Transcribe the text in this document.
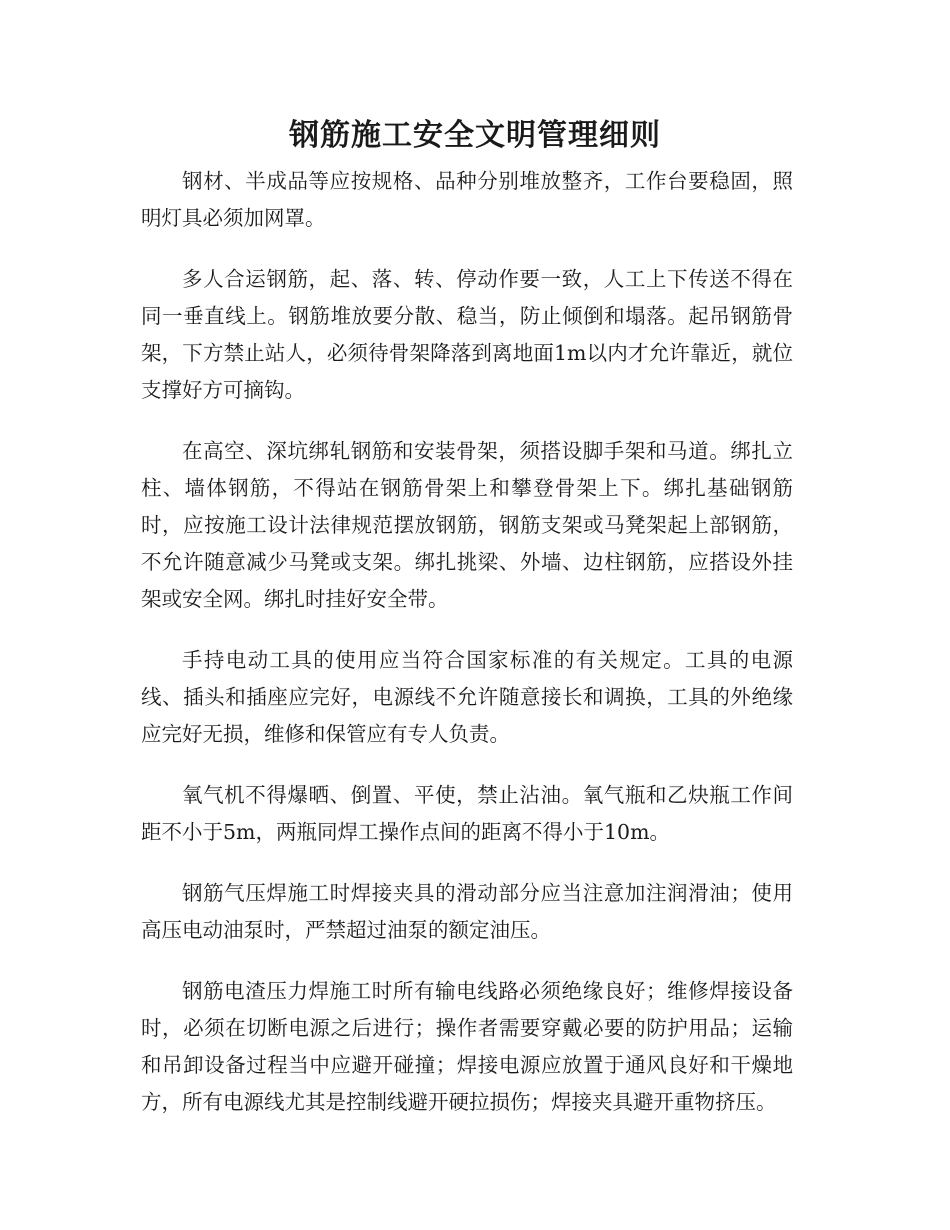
钢筋施工安全文明管理细则

钢材、半成品等应按规格、品种分别堆放整齐，工作台要稳固，照明灯具必须加网罩。

多人合运钢筋，起、落、转、停动作要一致，人工上下传送不得在同一垂直线上。钢筋堆放要分散、稳当，防止倾倒和塌落。起吊钢筋骨架，下方禁止站人，必须待骨架降落到离地面1m以内才允许靠近，就位支撑好方可摘钩。

在高空、深坑绑轧钢筋和安装骨架，须搭设脚手架和马道。绑扎立柱、墙体钢筋，不得站在钢筋骨架上和攀登骨架上下。绑扎基础钢筋时，应按施工设计法律规范摆放钢筋，钢筋支架或马凳架起上部钢筋，不允许随意减少马凳或支架。绑扎挑梁、外墙、边柱钢筋，应搭设外挂架或安全网。绑扎时挂好安全带。

手持电动工具的使用应当符合国家标准的有关规定。工具的电源线、插头和插座应完好，电源线不允许随意接长和调换，工具的外绝缘应完好无损，维修和保管应有专人负责。

氧气机不得爆晒、倒置、平使，禁止沾油。氧气瓶和乙炔瓶工作间距不小于5m，两瓶同焊工操作点间的距离不得小于10m。

钢筋气压焊施工时焊接夹具的滑动部分应当注意加注润滑油；使用高压电动油泵时，严禁超过油泵的额定油压。

钢筋电渣压力焊施工时所有输电线路必须绝缘良好；维修焊接设备时，必须在切断电源之后进行；操作者需要穿戴必要的防护用品；运输和吊卸设备过程当中应避开碰撞；焊接电源应放置于通风良好和干燥地方，所有电源线尤其是控制线避开硬拉损伤；焊接夹具避开重物挤压。
